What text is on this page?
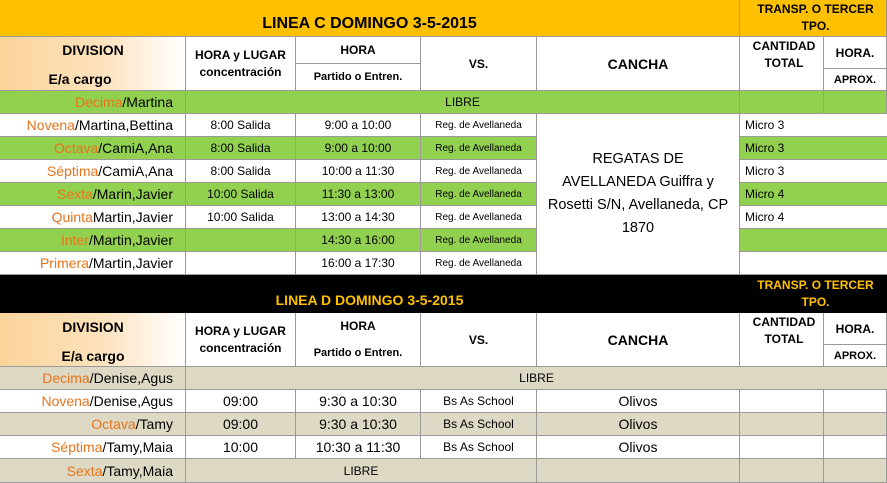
LINEA C DOMINGO 3-5-2015
TRANSP. O TERCER TPO.
DIVISION
E/a cargo
HORA y LUGAR concentración
HORA
Partido o Entren.
VS.	CANCHA
CANTIDAD TOTAL
HORA.
APROX.
Decima /Martina	LIBRE
Novena /Martina,Bettina	8:00 Salida	9:00 a 10:00	Reg. de Avellaneda	Micro 3
Octava /CamiA,Ana	8:00 Salida	9:00 a 10:00	Reg. de Avellaneda	Micro 3
Séptima /CamiA,Ana	8:00 Salida	10:00 a 11:30	Reg. de Avellaneda	Micro 3
Sexta /Marin,Javier	10:00 Salida	11:30 a 13:00	Reg. de Avellaneda	Micro 4
Quinta Martin,Javier	10:00 Salida	13:00 a 14:30	Reg. de Avellaneda	Micro 4
Inter /Martin,Javier	14:30 a 16:00	Reg. de Avellaneda
Primera /Martin,Javier	16:00 a 17:30	Reg. de Avellaneda
REGATAS DE AVELLANEDA Guiffra y Rosetti S/N, Avellaneda, CP 1870
LINEA D DOMINGO 3-5-2015
TRANSP. O TERCER TPO.
DIVISION
E/a cargo
HORA y LUGAR concentración
HORA
Partido o Entren.
VS.	CANCHA
CANTIDAD TOTAL
HORA.
APROX.
Decima /Denise,Agus	LIBRE
Novena /Denise,Agus	09:00	9:30 a 10:30	Bs As School	Olivos
Octava /Tamy	09:00	9:30 a 10:30	Bs As School	Olivos
Séptima /Tamy,Maia	10:00	10:30 a 11:30	Bs As School	Olivos
Sexta /Tamy,Maia	LIBRE
